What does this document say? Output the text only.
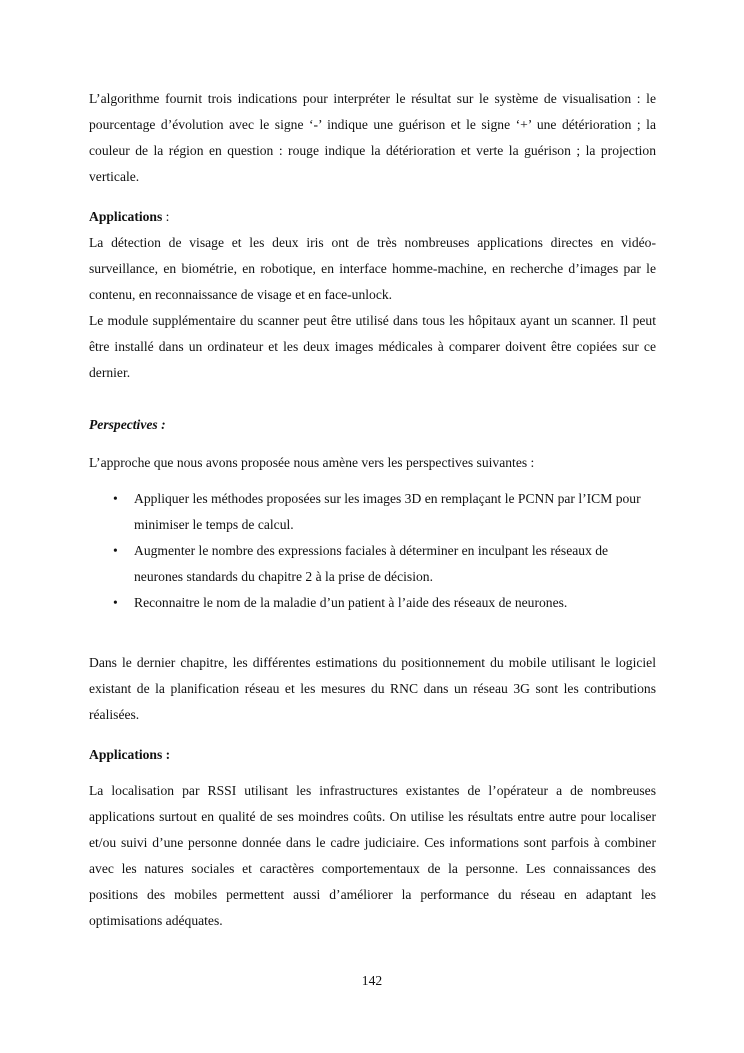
L’algorithme fournit trois indications pour interpréter le résultat sur le système de visualisation : le pourcentage d’évolution avec le signe ‘-’ indique une guérison et le signe ‘+’ une détérioration ; la couleur de la région en question : rouge indique la détérioration et verte la guérison ; la projection verticale.

Applications :

La détection de visage et les deux iris ont de très nombreuses applications directes en vidéo-surveillance, en biométrie, en robotique, en interface homme-machine, en recherche d’images par le contenu, en reconnaissance de visage et en face-unlock.

Le module supplémentaire du scanner peut être utilisé dans tous les hôpitaux ayant un scanner. Il peut être installé dans un ordinateur et les deux images médicales à comparer doivent être copiées sur ce dernier.

Perspectives :

L’approche que nous avons proposée nous amène vers les perspectives suivantes :

• Appliquer les méthodes proposées sur les images 3D en remplaçant le PCNN par l’ICM pour minimiser le temps de calcul.
• Augmenter le nombre des expressions faciales à déterminer en inculpant les réseaux de neurones standards du chapitre 2 à la prise de décision.
• Reconnaitre le nom de la maladie d’un patient à l’aide des réseaux de neurones.

Dans le dernier chapitre, les différentes estimations du positionnement du mobile utilisant le logiciel existant de la planification réseau et les mesures du RNC dans un réseau 3G sont les contributions réalisées.

Applications :

La localisation par RSSI utilisant les infrastructures existantes de l’opérateur a de nombreuses applications surtout en qualité de ses moindres coûts. On utilise les résultats entre autre pour localiser et/ou suivi d’une personne donnée dans le cadre judiciaire. Ces informations sont parfois à combiner avec les natures sociales et caractères comportementaux de la personne. Les connaissances des positions des mobiles permettent aussi d’améliorer la performance du réseau en adaptant les optimisations adéquates.

142
